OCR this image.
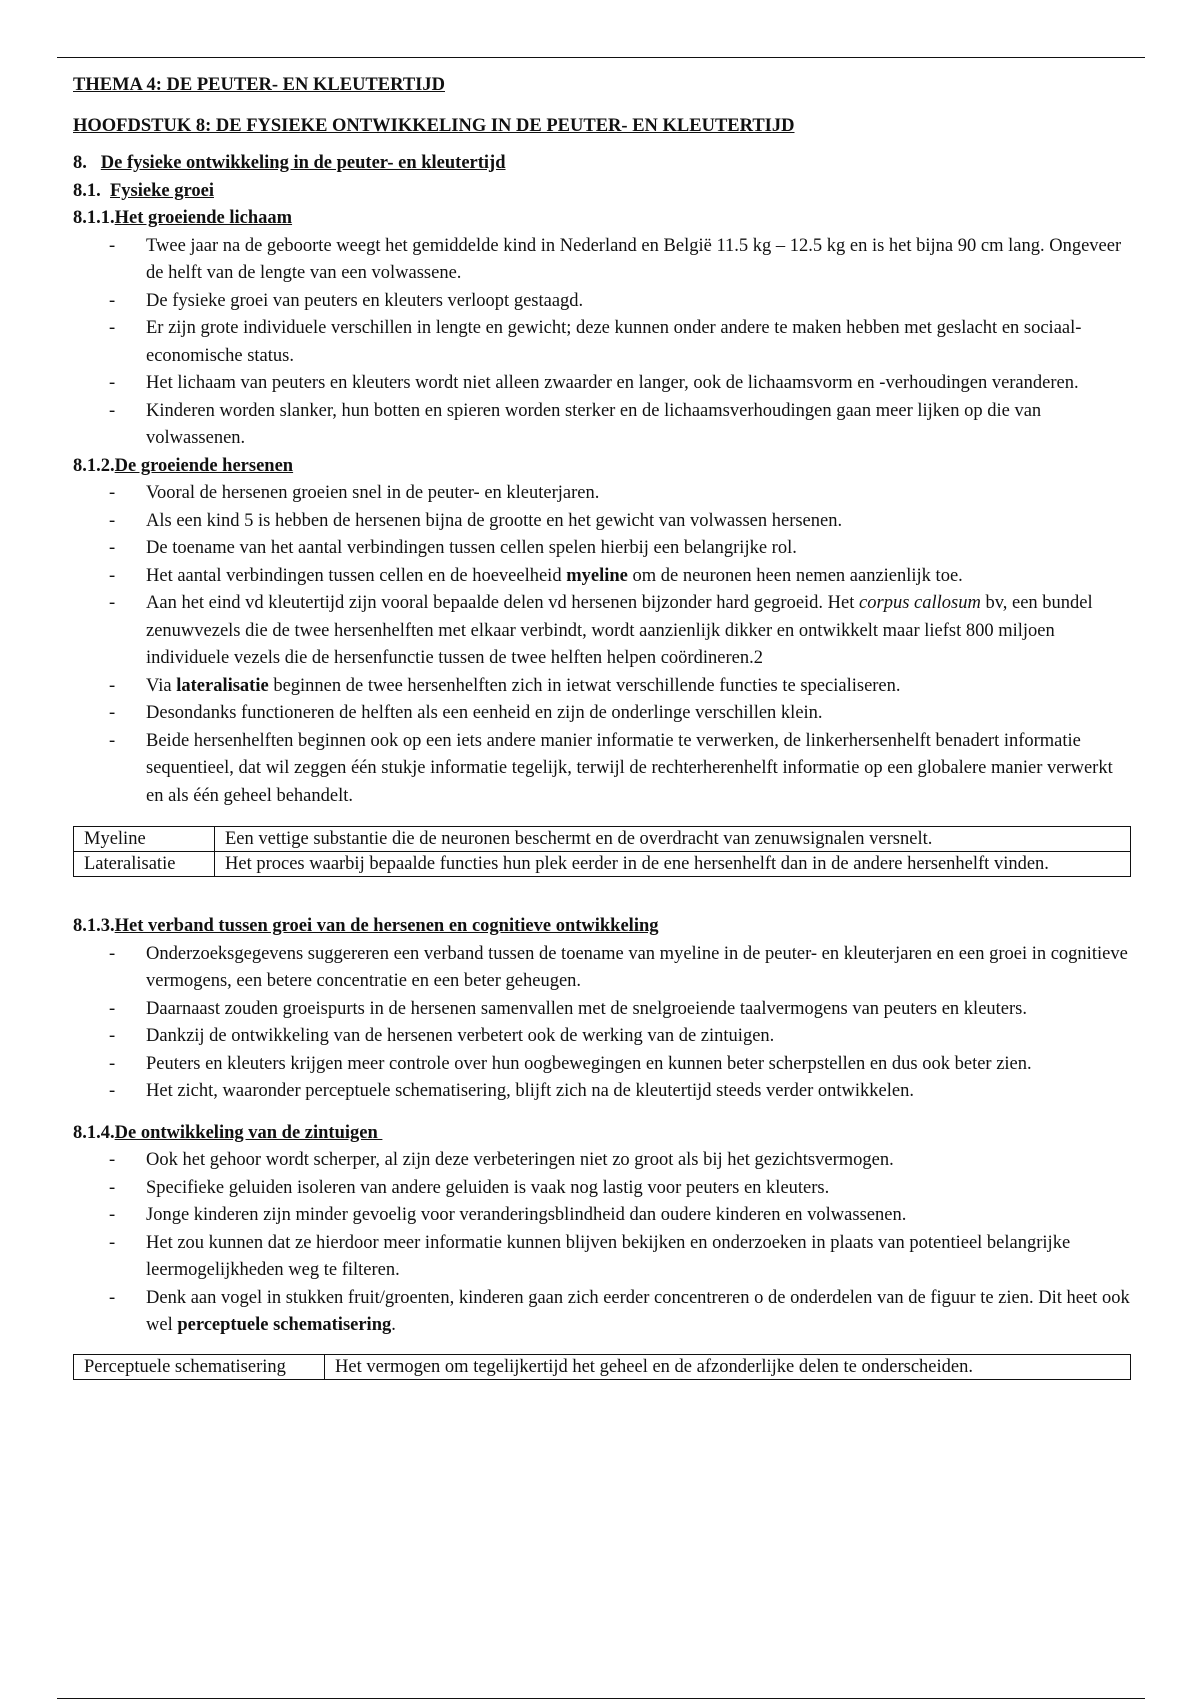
THEMA 4: DE PEUTER- EN KLEUTERTIJD

HOOFDSTUK 8: DE FYSIEKE ONTWIKKELING IN DE PEUTER- EN KLEUTERTIJD

8. De fysieke ontwikkeling in de peuter- en kleutertijd

8.1. Fysieke groei

8.1.1.Het groeiende lichaam

- Twee jaar na de geboorte weegt het gemiddelde kind in Nederland en België 11.5 kg – 12.5 kg en is het bijna 90 cm lang. Ongeveer de helft van de lengte van een volwassene.
- De fysieke groei van peuters en kleuters verloopt gestaagd.
- Er zijn grote individuele verschillen in lengte en gewicht; deze kunnen onder andere te maken hebben met geslacht en sociaal-economische status.
- Het lichaam van peuters en kleuters wordt niet alleen zwaarder en langer, ook de lichaamsvorm en -verhoudingen veranderen.
- Kinderen worden slanker, hun botten en spieren worden sterker en de lichaamsverhoudingen gaan meer lijken op die van volwassenen.

8.1.2.De groeiende hersenen

- Vooral de hersenen groeien snel in de peuter- en kleuterjaren.
- Als een kind 5 is hebben de hersenen bijna de grootte en het gewicht van volwassen hersenen.
- De toename van het aantal verbindingen tussen cellen spelen hierbij een belangrijke rol.
- Het aantal verbindingen tussen cellen en de hoeveelheid myeline om de neuronen heen nemen aanzienlijk toe.
- Aan het eind vd kleutertijd zijn vooral bepaalde delen vd hersenen bijzonder hard gegroeid. Het corpus callosum bv, een bundel zenuwvezels die de twee hersenhelften met elkaar verbindt, wordt aanzienlijk dikker en ontwikkelt maar liefst 800 miljoen individuele vezels die de hersenfunctie tussen de twee helften helpen coördineren.2
- Via lateralisatie beginnen de twee hersenhelften zich in ietwat verschillende functies te specialiseren.
- Desondanks functioneren de helften als een eenheid en zijn de onderlinge verschillen klein.
- Beide hersenhelften beginnen ook op een iets andere manier informatie te verwerken, de linkerhersenhelft benadert informatie sequentieel, dat wil zeggen één stukje informatie tegelijk, terwijl de rechterherenhelft informatie op een globalere manier verwerkt en als één geheel behandelt.
Myeline	Een vettige substantie die de neuronen beschermt en de overdracht van zenuwsignalen versnelt.
Lateralisatie	Het proces waarbij bepaalde functies hun plek eerder in de ene hersenhelft dan in de andere hersenhelft vinden.

8.1.3.Het verband tussen groei van de hersenen en cognitieve ontwikkeling

- Onderzoeksgegevens suggereren een verband tussen de toename van myeline in de peuter- en kleuterjaren en een groei in cognitieve vermogens, een betere concentratie en een beter geheugen.
- Daarnaast zouden groeispurts in de hersenen samenvallen met de snelgroeiende taalvermogens van peuters en kleuters.
- Dankzij de ontwikkeling van de hersenen verbetert ook de werking van de zintuigen.
- Peuters en kleuters krijgen meer controle over hun oogbewegingen en kunnen beter scherpstellen en dus ook beter zien.
- Het zicht, waaronder perceptuele schematisering, blijft zich na de kleutertijd steeds verder ontwikkelen.

8.1.4.De ontwikkeling van de zintuigen

- Ook het gehoor wordt scherper, al zijn deze verbeteringen niet zo groot als bij het gezichtsvermogen.
- Specifieke geluiden isoleren van andere geluiden is vaak nog lastig voor peuters en kleuters.
- Jonge kinderen zijn minder gevoelig voor veranderingsblindheid dan oudere kinderen en volwassenen.
- Het zou kunnen dat ze hierdoor meer informatie kunnen blijven bekijken en onderzoeken in plaats van potentieel belangrijke leermogelijkheden weg te filteren.
- Denk aan vogel in stukken fruit/groenten, kinderen gaan zich eerder concentreren o de onderdelen van de figuur te zien. Dit heet ook wel perceptuele schematisering.
Perceptuele schematisering	Het vermogen om tegelijkertijd het geheel en de afzonderlijke delen te onderscheiden.
